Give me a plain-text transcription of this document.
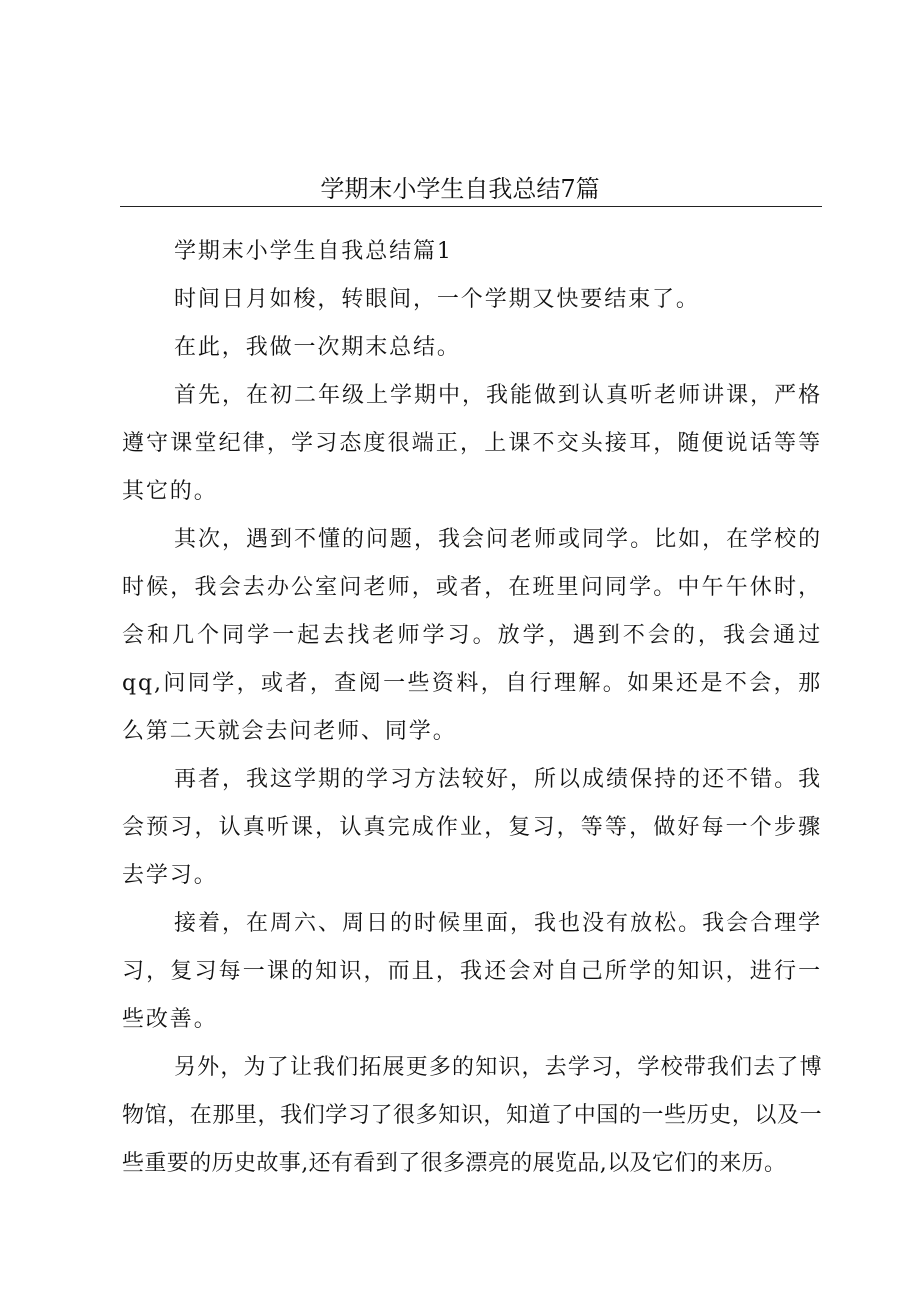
学期末小学生自我总结7篇

学期末小学生自我总结篇1

时间日月如梭，转眼间，一个学期又快要结束了。

在此，我做一次期末总结。

首先，在初二年级上学期中，我能做到认真听老师讲课，严格遵守课堂纪律，学习态度很端正，上课不交头接耳，随便说话等等其它的。

其次，遇到不懂的问题，我会问老师或同学。比如，在学校的时候，我会去办公室问老师，或者，在班里问同学。中午午休时，会和几个同学一起去找老师学习。放学，遇到不会的，我会通过qq,问同学，或者，查阅一些资料，自行理解。如果还是不会，那么第二天就会去问老师、同学。

再者，我这学期的学习方法较好，所以成绩保持的还不错。我会预习，认真听课，认真完成作业，复习，等等，做好每一个步骤去学习。

接着，在周六、周日的时候里面，我也没有放松。我会合理学习，复习每一课的知识，而且，我还会对自己所学的知识，进行一些改善。

另外，为了让我们拓展更多的知识，去学习，学校带我们去了博物馆，在那里，我们学习了很多知识，知道了中国的一些历史，以及一些重要的历史故事,还有看到了很多漂亮的展览品,以及它们的来历。
